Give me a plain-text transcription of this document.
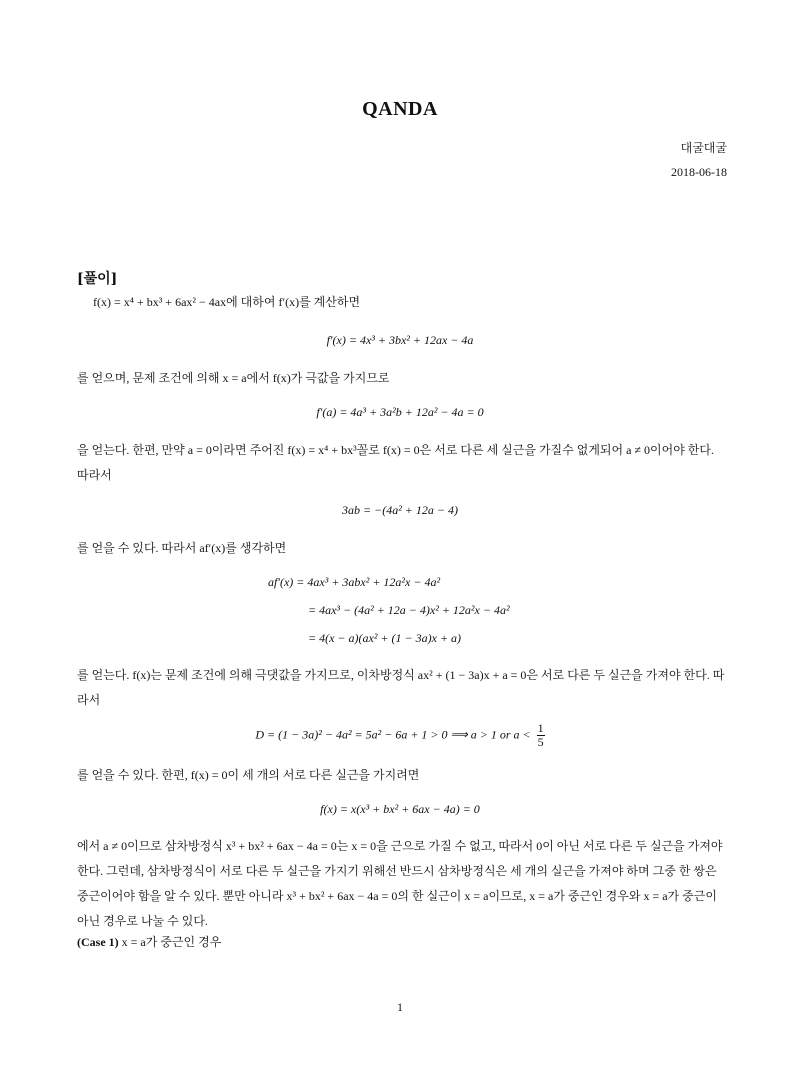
QANDA
대굴대굴
2018-06-18
[풀이]
f(x) = x⁴ + bx³ + 6ax² − 4ax에 대하여 f′(x)를 계산하면
f′(x) = 4x³ + 3bx² + 12ax − 4a
를 얻으며, 문제 조건에 의해 x = a에서 f(x)가 극값을 가지므로
f′(a) = 4a³ + 3a²b + 12a² − 4a = 0
을 얻는다. 한편, 만약 a = 0이라면 주어진 f(x) = x⁴ + bx³꼴로 f(x) = 0은 서로 다른 세 실근을 가질수 없게되어 a ≠ 0이어야 한다. 따라서
3ab = −(4a² + 12a − 4)
를 얻을 수 있다. 따라서 af′(x)를 생각하면
af′(x) = 4ax³ + 3abx² + 12a²x − 4a²
= 4ax³ − (4a² + 12a − 4)x² + 12a²x − 4a²
= 4(x − a)(ax² + (1 − 3a)x + a)
를 얻는다. f(x)는 문제 조건에 의해 극댓값을 가지므로, 이차방정식 ax² + (1 − 3a)x + a = 0은 서로 다른 두 실근을 가져야 한다. 따라서
D = (1 − 3a)² − 4a² = 5a² − 6a + 1 > 0 ⟹ a > 1 or $a < \frac{1}{5}$
를 얻을 수 있다. 한편, f(x) = 0이 세 개의 서로 다른 실근을 가지려면
f(x) = x(x³ + bx² + 6ax − 4a) = 0
에서 a ≠ 0이므로 삼차방정식 x³ + bx² + 6ax − 4a = 0는 x = 0을 근으로 가질 수 없고, 따라서 0이 아닌 서로 다른 두 실근을 가져야 한다. 그런데, 삼차방정식이 서로 다른 두 실근을 가지기 위해선 반드시 삼차방정식은 세 개의 실근을 가져야 하며 그중 한 쌍은 중근이어야 함을 알 수 있다. 뿐만 아니라 x³ + bx² + 6ax − 4a = 0의 한 실근이 x = a이므로, x = a가 중근인 경우와 x = a가 중근이 아닌 경우로 나눌 수 있다.
(Case 1) x = a가 중근인 경우
1
